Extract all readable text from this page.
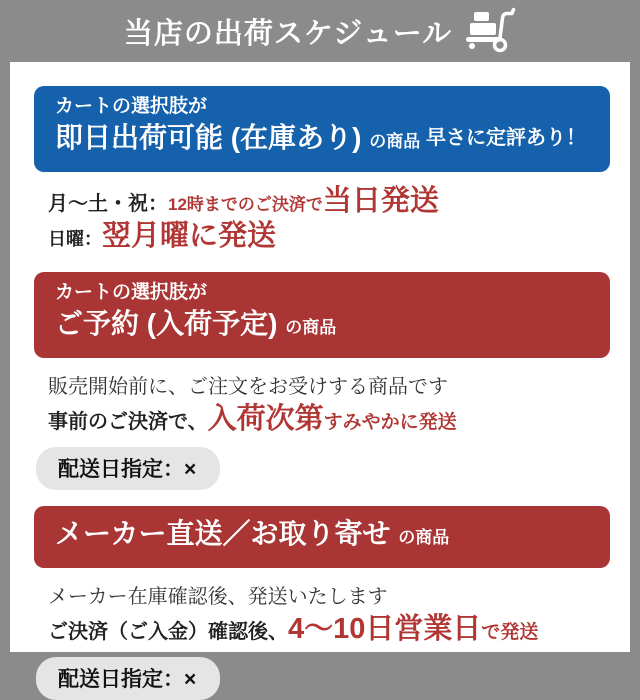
当店の出荷スケジュール
カートの選択肢が
即日出荷可能 (在庫あり) の商品 早さに定評あり！
月〜土・祝：12時までのご決済で当日発送
日曜：翌月曜に発送
カートの選択肢が
ご予約 (入荷予定) の商品
販売開始前に、ご注文をお受けする商品です
事前のご決済で、入荷次第すみやかに発送
配送日指定：×
メーカー直送／お取り寄せ の商品
メーカー在庫確認後、発送いたします
ご決済（ご入金）確認後、4〜10日営業日で発送
配送日指定：×
